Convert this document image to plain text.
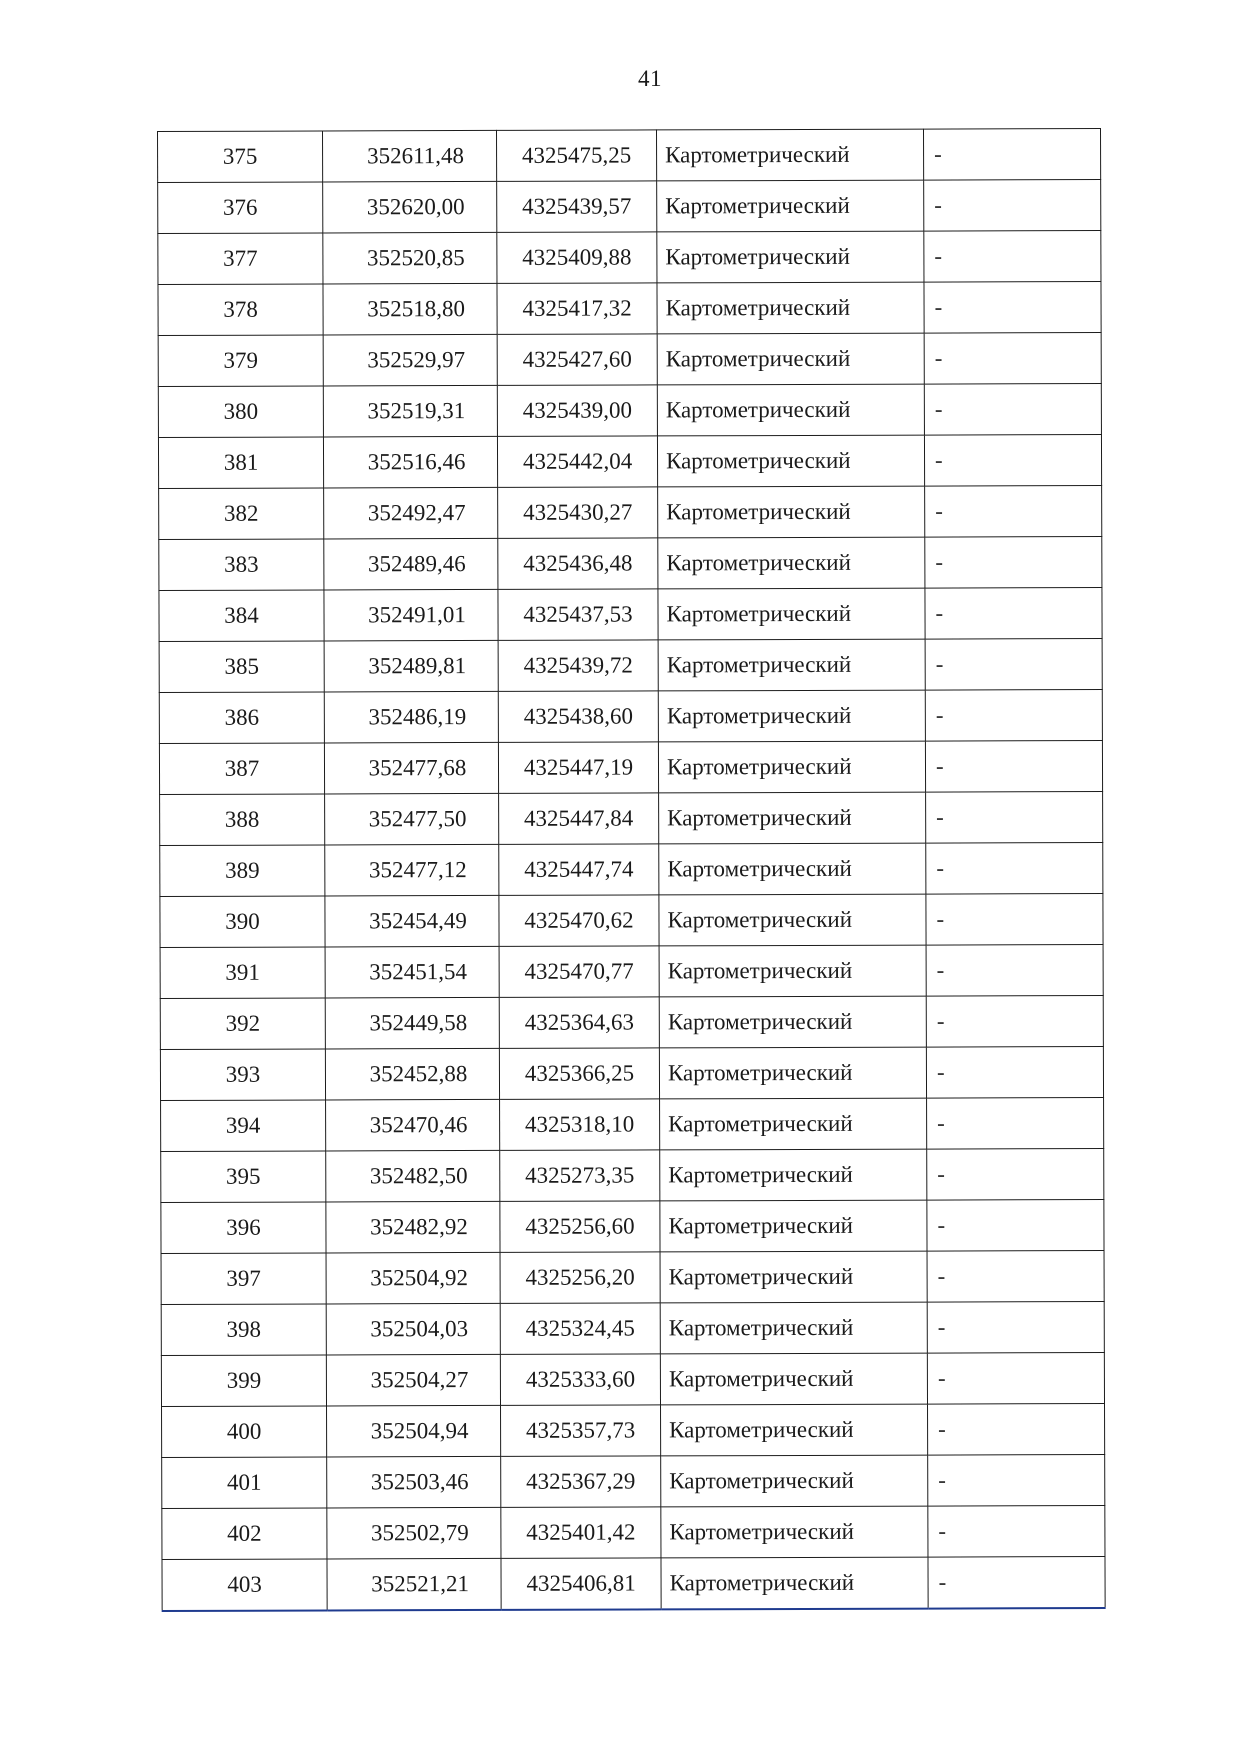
41
375	352611,48	4325475,25	Картометрический	-
376	352620,00	4325439,57	Картометрический	-
377	352520,85	4325409,88	Картометрический	-
378	352518,80	4325417,32	Картометрический	-
379	352529,97	4325427,60	Картометрический	-
380	352519,31	4325439,00	Картометрический	-
381	352516,46	4325442,04	Картометрический	-
382	352492,47	4325430,27	Картометрический	-
383	352489,46	4325436,48	Картометрический	-
384	352491,01	4325437,53	Картометрический	-
385	352489,81	4325439,72	Картометрический	-
386	352486,19	4325438,60	Картометрический	-
387	352477,68	4325447,19	Картометрический	-
388	352477,50	4325447,84	Картометрический	-
389	352477,12	4325447,74	Картометрический	-
390	352454,49	4325470,62	Картометрический	-
391	352451,54	4325470,77	Картометрический	-
392	352449,58	4325364,63	Картометрический	-
393	352452,88	4325366,25	Картометрический	-
394	352470,46	4325318,10	Картометрический	-
395	352482,50	4325273,35	Картометрический	-
396	352482,92	4325256,60	Картометрический	-
397	352504,92	4325256,20	Картометрический	-
398	352504,03	4325324,45	Картометрический	-
399	352504,27	4325333,60	Картометрический	-
400	352504,94	4325357,73	Картометрический	-
401	352503,46	4325367,29	Картометрический	-
402	352502,79	4325401,42	Картометрический	-
403	352521,21	4325406,81	Картометрический	-
